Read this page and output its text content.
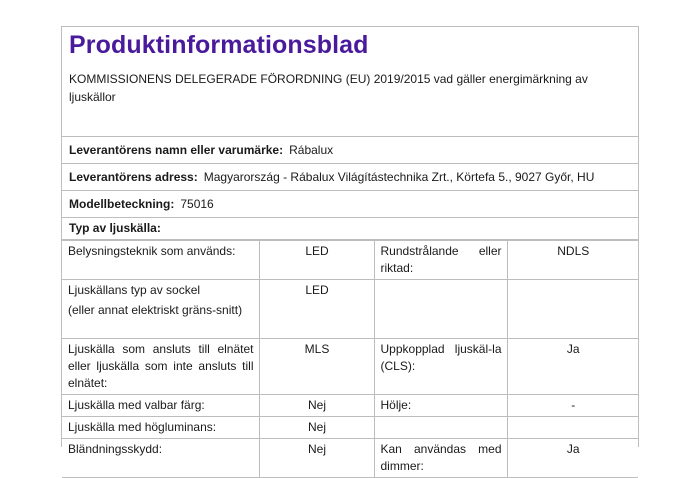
Produktinformationsblad
KOMMISSIONENS DELEGERADE FÖRORDNING (EU) 2019/2015 vad gäller energimärkning av ljuskällor
Leverantörens namn eller varumärke: Rábalux
Leverantörens adress: Magyarország - Rábalux Világítástechnika Zrt., Körtefa 5., 9027 Győr, HU
Modellbeteckning: 75016
Typ av ljuskälla:
Belysningsteknik som används:	LED	Rundstrålande eller riktad:	NDLS
Ljuskällans typ av sockel
(eller annat elektriskt gräns-snitt)	LED		
Ljuskälla som ansluts till elnätet eller ljuskälla som inte ansluts till elnätet:	MLS	Uppkopplad ljuskäl-la (CLS):	Ja
Ljuskälla med valbar färg:	Nej	Hölje:	-
Ljuskälla med högluminans:	Nej		
Bländningsskydd:	Nej	Kan användas med dimmer:	Ja
